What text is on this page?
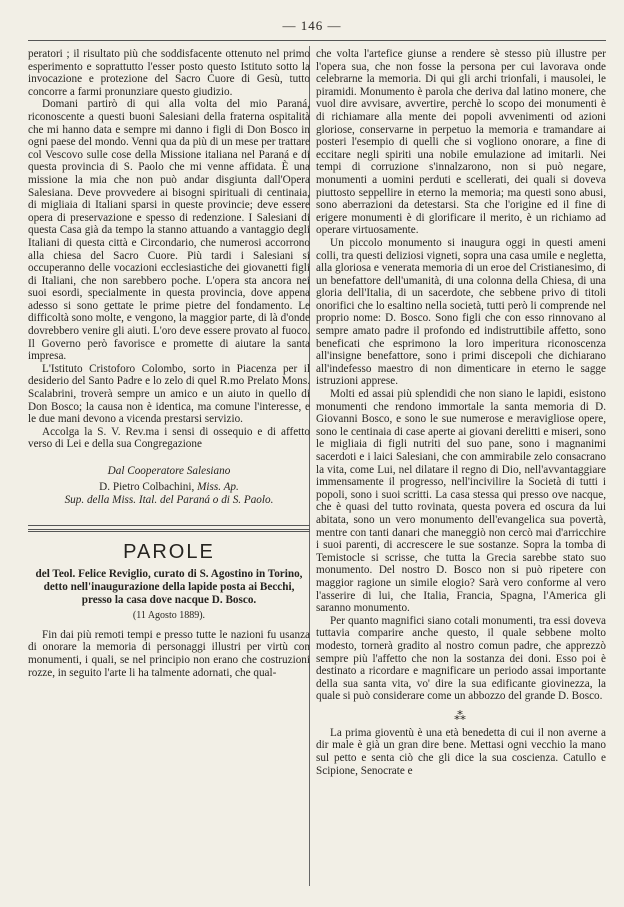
— 146 —

peratori ; il risultato più che soddisfacente ottenuto nel primo esperimento e soprattutto l'esser posto questo Istituto sotto la invocazione e protezione del Sacro Cuore di Gesù, tutto concorre a farmi pronunziare questo giudizio.

Domani partirò di qui alla volta del mio Paraná, riconoscente a questi buoni Salesiani della fraterna ospitalità che mi hanno data e sempre mi danno i figli di Don Bosco in ogni paese del mondo. Venni qua da più di un mese per trattare col Vescovo sulle cose della Missione italiana nel Paraná e di questa provincia di S. Paolo che mi venne affidata. È una missione la mia che non può andar disgiunta dall'Opera Salesiana. Deve provvedere ai bisogni spirituali di centinaia, di migliaia di Italiani sparsi in queste provincie; deve essere opera di preservazione e spesso di redenzione. I Salesiani di questa Casa già da tempo la stanno attuando a vantaggio degli Italiani di questa città e Circondario, che numerosi accorrono alla chiesa del Sacro Cuore. Più tardi i Salesiani si occuperanno delle vocazioni ecclesiastiche dei giovanetti figli di Italiani, che non sarebbero poche. L'opera sta ancora nei suoi esordi, specialmente in questa provincia, dove appena adesso si sono gettate le prime pietre del fondamento. Le difficoltà sono molte, e vengono, la maggior parte, di là d'onde dovrebbero venire gli aiuti. L'oro deve essere provato al fuoco. Il Governo però favorisce e promette di aiutare la santa impresa.

L'Istituto Cristoforo Colombo, sorto in Piacenza per il desiderio del Santo Padre e lo zelo di quel R.mo Prelato Mons. Scalabrini, troverà sempre un amico e un aiuto in quello di Don Bosco; la causa non è identica, ma comune l'interesse, e le due mani devono a vicenda prestarsi servizio.

Accolga la S. V. Rev.ma i sensi di ossequio e di affetto verso di Lei e della sua Congregazione

Dal Cooperatore Salesiano
D. Pietro Colbachini, Miss. Ap.
Sup. della Miss. Ital. del Paraná o di S. Paolo.
PAROLE
del Teol. Felice Reviglio, curato di S. Agostino in Torino, detto nell'inaugurazione della lapide posta ai Becchi, presso la casa dove nacque D. Bosco.
(11 Agosto 1889).

Fin dai più remoti tempi e presso tutte le nazioni fu usanza di onorare la memoria di personaggi illustri per virtù con monumenti, i quali, se nel principio non erano che costruzioni rozze, in seguito l'arte li ha talmente adornati, che qual-

che volta l'artefice giunse a rendere sè stesso più illustre per l'opera sua, che non fosse la persona per cui lavorava onde celebrarne la memoria. Di qui gli archi trionfali, i mausolei, le piramidi. Monumento è parola che deriva dal latino monere, che vuol dire avvisare, avvertire, perchè lo scopo dei monumenti è di richiamare alla mente dei popoli avvenimenti od azioni gloriose, conservarne in perpetuo la memoria e tramandare ai posteri l'esempio di quelli che si vogliono onorare, a fine di eccitare negli spiriti una nobile emulazione ad imitarli. Nei tempi di corruzione s'innalzarono, non si può negare, monumenti a uomini perduti e scellerati, dei quali si doveva piuttosto seppellire in eterno la memoria; ma questi sono abusi, sono aberrazioni da detestarsi. Sta che l'origine ed il fine di erigere monumenti è di glorificare il merito, è un richiamo ad operare virtuosamente.

Un piccolo monumento si inaugura oggi in questi ameni colli, tra questi deliziosi vigneti, sopra una casa umile e negletta, alla gloriosa e venerata memoria di un eroe del Cristianesimo, di un benefattore dell'umanità, di una colonna della Chiesa, di una gloria dell'Italia, di un sacerdote, che sebbene privo di titoli onorifici che lo esaltino nella società, tutti però li comprende nel proprio nome: D. Bosco. Sono figli che con esso rinnovano al sempre amato padre il profondo ed indistruttibile affetto, sono beneficati che esprimono la loro imperitura riconoscenza all'insigne benefattore, sono i primi discepoli che dichiarano all'indefesso maestro di non dimenticare in eterno le sagge istruzioni apprese.

Molti ed assai più splendidi che non siano le lapidi, esistono monumenti che rendono immortale la santa memoria di D. Giovanni Bosco, e sono le sue numerose e meravigliose opere, sono le centinaia di case aperte ai giovani derelitti e miseri, sono le migliaia di figli nutriti del suo pane, sono i magnanimi sacerdoti e i laici Salesiani, che con ammirabile zelo consacrano la vita, come Lui, nel dilatare il regno di Dio, nell'avvantaggiare immensamente il progresso, nell'incivilire la Società di tutti i popoli, sono i suoi scritti. La casa stessa qui presso ove nacque, che è quasi del tutto rovinata, questa povera ed oscura da lui abitata, sono un vero monumento dell'evangelica sua povertà, mentre con tanti danari che maneggiò non cercò mai d'arricchire i suoi parenti, di accrescere le sue sostanze. Sopra la tomba di Temistocle si scrisse, che tutta la Grecia sarebbe stato suo monumento. Del nostro D. Bosco non si può ripetere con maggior ragione un simile elogio? Sarà vero conforme al vero l'asserire di lui, che Italia, Francia, Spagna, l'America gli saranno monumento.

Per quanto magnifici siano cotali monumenti, tra essi dovevа tuttavia comparire anche questo, il quale sebbene molto modesto, tornerà gradito al nostro comun padre, che apprezzò sempre più l'affetto che non la sostanza dei doni. Esso poi è destinato a ricordare e magnificare un periodo assai importante della sua santa vita, vo' dire la sua edificante giovinezza, la quale si può considerare come un abbozzo del grande D. Bosco.

⁂

La prima gioventù è una età benedetta di cui il non averne a dir male è già un gran dire bene. Mettasi ogni vecchio la mano sul petto e senta ciò che gli dice la sua coscienza. Catullo e Scipione, Senocrate e
